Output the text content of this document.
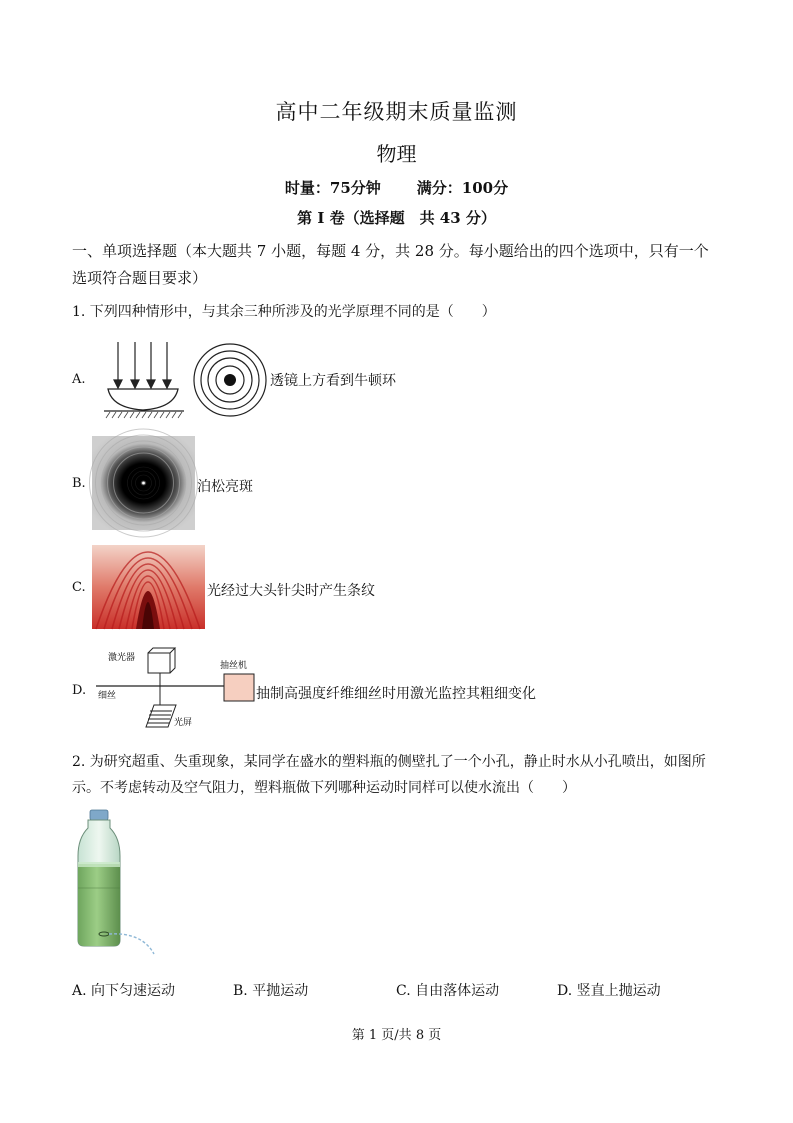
高中二年级期末质量监测
物理
时量：75分钟 满分：100分
第 I 卷（选择题　共 43 分）
一、单项选择题（本大题共 7 小题，每题 4 分，共 28 分。每小题给出的四个选项中，只有一个选项符合题目要求）
1. 下列四种情形中，与其余三种所涉及的光学原理不同的是（　　）
A.	透镜上方看到牛顿环
B.	泊松亮斑
C.	光经过大头针尖时产生条纹
D.
激光器
细丝
抽丝机
光屏
抽制高强度纤维细丝时用激光监控其粗细变化
2. 为研究超重、失重现象，某同学在盛水的塑料瓶的侧壁扎了一个小孔，静止时水从小孔喷出，如图所示。不考虑转动及空气阻力，塑料瓶做下列哪种运动时同样可以使水流出（　　）
A. 向下匀速运动	B. 平抛运动	C. 自由落体运动	D. 竖直上抛运动
第 1 页/共 8 页
